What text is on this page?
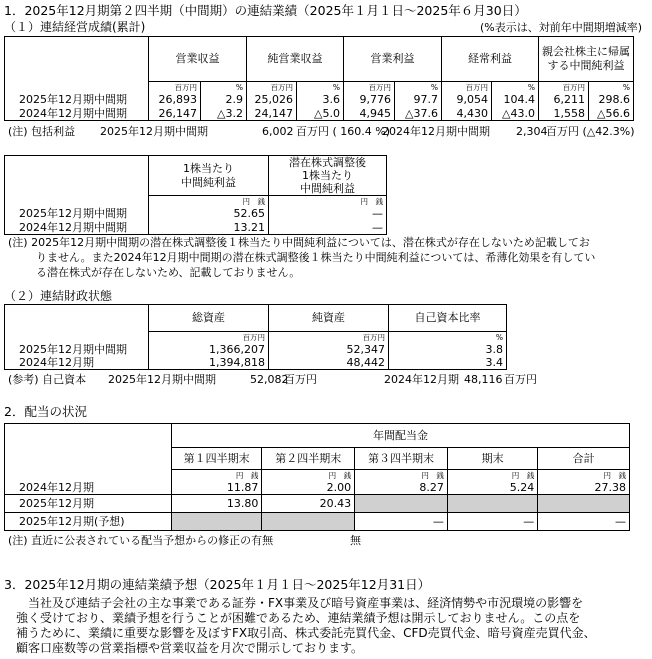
1．2025年12月期第２四半期（中間期）の連結業績（2025年１月１日～2025年６月30日）
（１）連結経営成績(累計)	(%表示は、対前年中間期増減率)
	営業収益		純営業収益		営業利益		経常利益		親会社株主に帰属
する中間純利益	
	百万円	%	百万円	%	百万円	%	百万円	%	百万円	%
2025年12月期中間期	26,893	2.9	25,026	3.6	9,776	97.7	9,054	104.4	6,211	298.6
2024年12月期中間期	26,147	△3.2	24,147	△5.0	4,945	△37.6	4,430	△43.0	1,558	△56.6
(注) 包括利益 2025年12月期中間期	6,002 百万円 ( 160.4 %)
2024年12月期中間期 2,304
百万円 (△42.3%)
	1株当たり
中間純利益	潜在株式調整後
1株当たり
中間純利益
	円　銭	円　銭
2025年12月期中間期	52.65	—
2024年12月期中間期	13.21	—
(注) 2025年12月期中間期の潜在株式調整後１株当たり中間純利益については、潜在株式が存在しないため記載してお
りません。また2024年12月期中間期の潜在株式調整後１株当たり中間純利益については、希薄化効果を有してい
る潜在株式が存在しないため、記載しておりません。
（２）連結財政状態
	総資産	純資産	自己資本比率
	百万円	百万円	%
2025年12月期中間期	1,366,207	52,347	3.8
2024年12月期	1,394,818	48,442	3.4
(参考) 自己資本 2025年12月期中間期	52,082
百万円	2024年12月期 48,116 百万円
2．配当の状況
	年間配当金				
	第１四半期末	第２四半期末	第３四半期末	期末	合計
	円　銭	円　銭	円　銭	円　銭	円　銭
2024年12月期	11.87	2.00	8.27	5.24	27.38
2025年12月期	13.80	20.43			
2025年12月期(予想)			—	—	—
(注) 直近に公表されている配当予想からの修正の有無	無
3．2025年12月期の連結業績予想（2025年１月１日～2025年12月31日）
当社及び連結子会社の主な事業である証券・FX事業及び暗号資産事業は、経済情勢や市況環境の影響を
強く受けており、業績予想を行うことが困難であるため、連結業績予想は開示しておりません。この点を
補うために、業績に重要な影響を及ぼすFX取引高、株式委託売買代金、CFD売買代金、暗号資産売買代金、
顧客口座数等の営業指標や営業収益を月次で開示しております。
